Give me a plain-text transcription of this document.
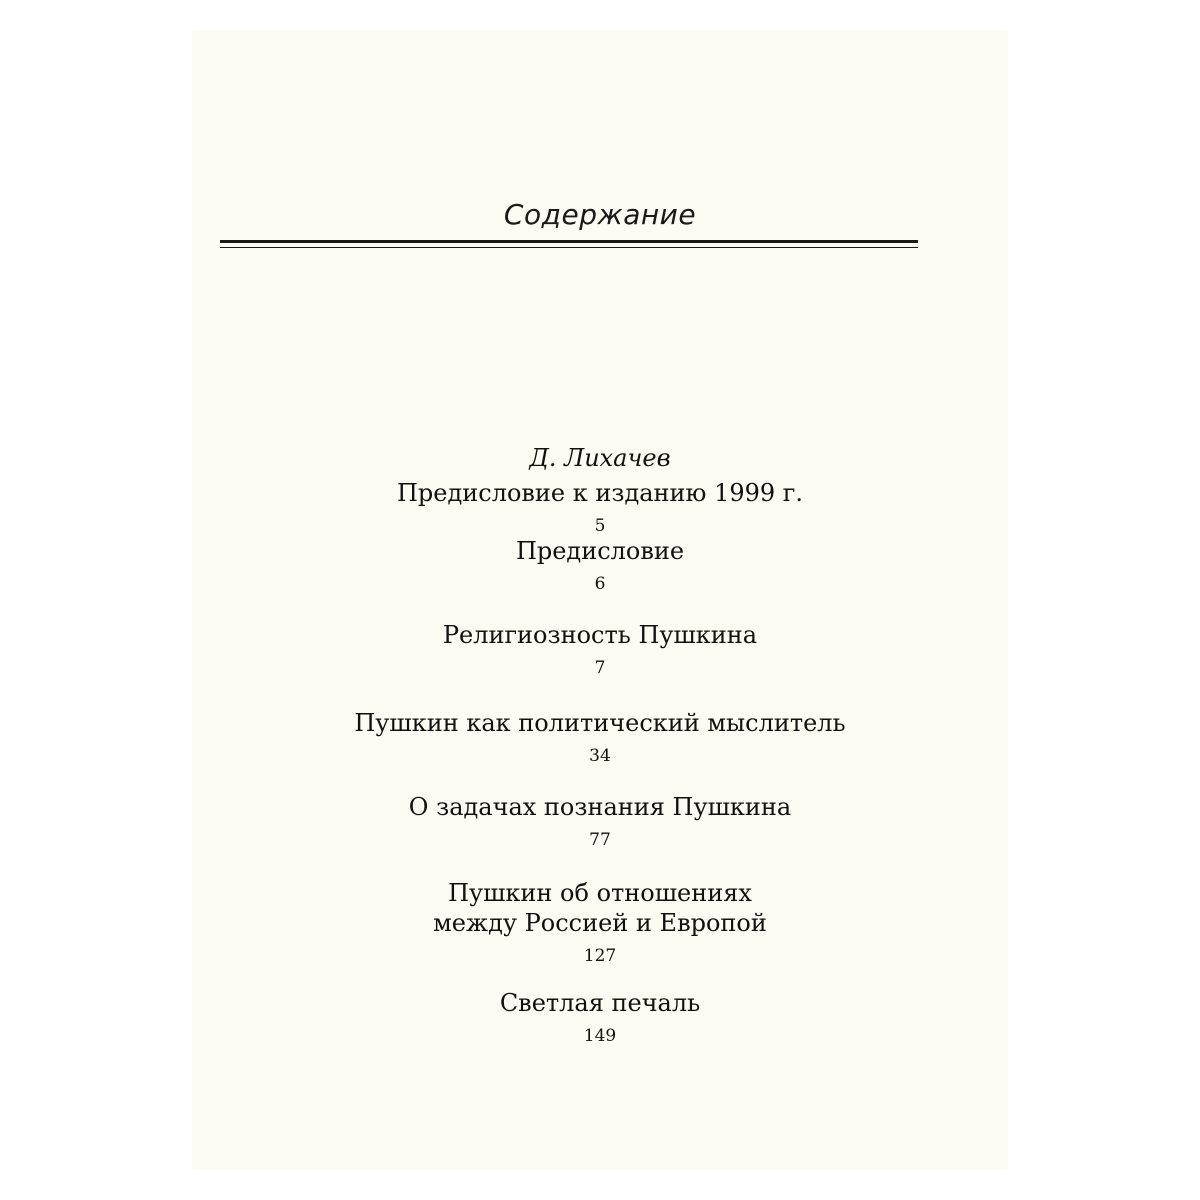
Содержание
Д. Лихачев
Предисловие к изданию 1999 г.
5
Предисловие
6
Религиозность Пушкина
7
Пушкин как политический мыслитель
34
О задачах познания Пушкина
77
Пушкин об отношениях
между Россией и Европой
127
Светлая печаль
149
